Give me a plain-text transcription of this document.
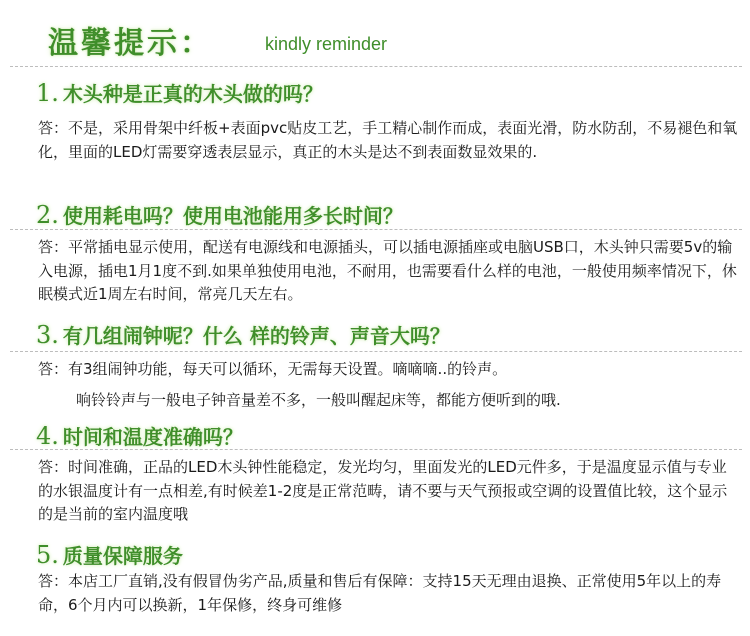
温馨提示：	kindly reminder
1. 木头种是正真的木头做的吗？
答：不是，采用骨架中纤板+表面pvc贴皮工艺，手工精心制作而成，表面光滑，防水防刮，不易褪色和氧化，里面的LED灯需要穿透表层显示，真正的木头是达不到表面数显效果的.
2. 使用耗电吗？使用电池能用多长时间？
答：平常插电显示使用，配送有电源线和电源插头，可以插电源插座或电脑USB口，木头钟只需要5v的输入电源，插电1月1度不到.如果单独使用电池，不耐用，也需要看什么样的电池，一般使用频率情况下，休眠模式近1周左右时间，常亮几天左右。
3. 有几组闹钟呢？什么 样的铃声、声音大吗？
答：有3组闹钟功能，每天可以循环，无需每天设置。嘀嘀嘀..的铃声。
响铃铃声与一般电子钟音量差不多，一般叫醒起床等，都能方便听到的哦.
4. 时间和温度准确吗？
答：时间准确，正品的LED木头钟性能稳定，发光均匀，里面发光的LED元件多，于是温度显示值与专业的水银温度计有一点相差,有时候差1-2度是正常范畴，请不要与天气预报或空调的设置值比较，这个显示的是当前的室内温度哦
5. 质量保障服务
答：本店工厂直销,没有假冒伪劣产品,质量和售后有保障：支持15天无理由退换、正常使用5年以上的寿命，6个月内可以换新，1年保修，终身可维修
